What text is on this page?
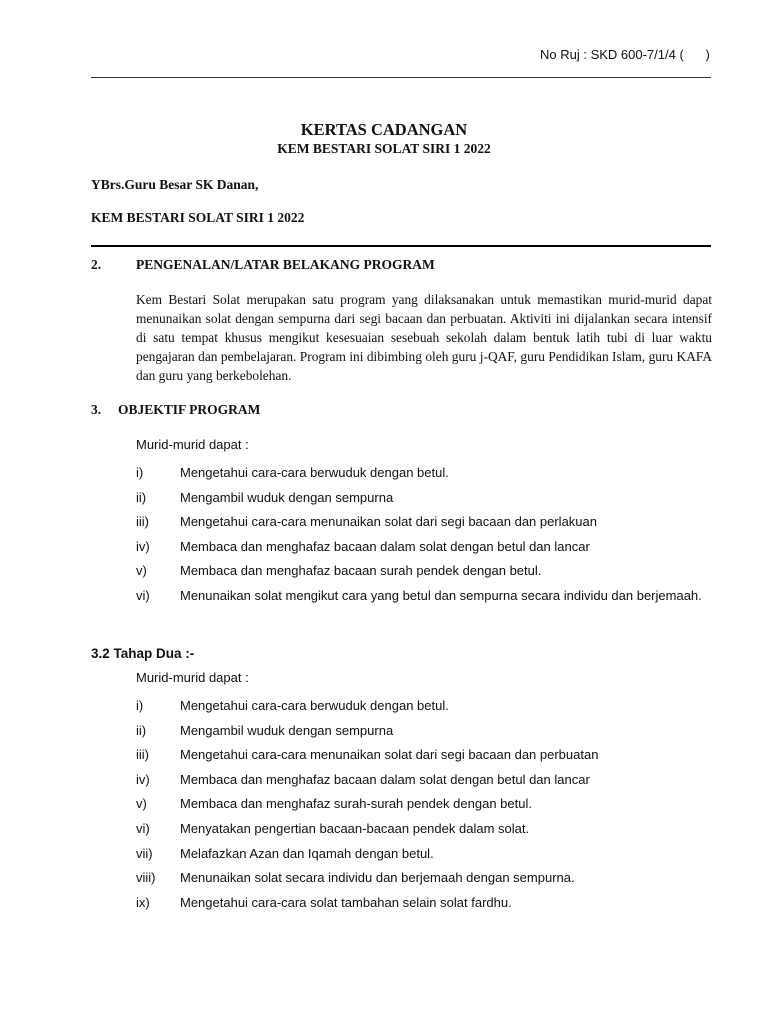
No Ruj : SKD 600-7/1/4 (      )
KERTAS CADANGAN
KEM BESTARI SOLAT SIRI 1 2022
YBrs.Guru Besar SK Danan,
KEM BESTARI SOLAT SIRI 1 2022
2.	PENGENALAN/LATAR BELAKANG PROGRAM
Kem Bestari Solat merupakan satu program yang dilaksanakan untuk memastikan murid-murid dapat menunaikan solat dengan sempurna dari segi bacaan dan perbuatan. Aktiviti ini dijalankan secara intensif di satu tempat khusus mengikut kesesuaian sesebuah sekolah dalam bentuk latih tubi di luar waktu pengajaran dan pembelajaran. Program ini dibimbing oleh guru j-QAF, guru Pendidikan Islam, guru KAFA dan guru yang berkebolehan.
3. OBJEKTIF PROGRAM
Murid-murid dapat :
i)	Mengetahui cara-cara berwuduk dengan betul.
ii)	Mengambil wuduk dengan sempurna
iii)	Mengetahui cara-cara menunaikan solat dari segi bacaan dan perlakuan
iv)	Membaca dan menghafaz bacaan dalam solat dengan betul dan lancar
v)	Membaca dan menghafaz bacaan surah pendek dengan betul.
vi)	Menunaikan solat mengikut cara yang betul dan sempurna secara individu dan berjemaah.
3.2 Tahap Dua :-
Murid-murid dapat :
i)	Mengetahui cara-cara berwuduk dengan betul.
ii)	Mengambil wuduk dengan sempurna
iii)	Mengetahui cara-cara menunaikan solat dari segi bacaan dan perbuatan
iv)	Membaca dan menghafaz bacaan dalam solat dengan betul dan lancar
v)	Membaca dan menghafaz surah-surah pendek dengan betul.
vi)	Menyatakan pengertian bacaan-bacaan pendek dalam solat.
vii)	Melafazkan Azan dan Iqamah dengan betul.
viii)	Menunaikan solat secara individu dan berjemaah dengan sempurna.
ix)	Mengetahui cara-cara solat tambahan selain solat fardhu.
